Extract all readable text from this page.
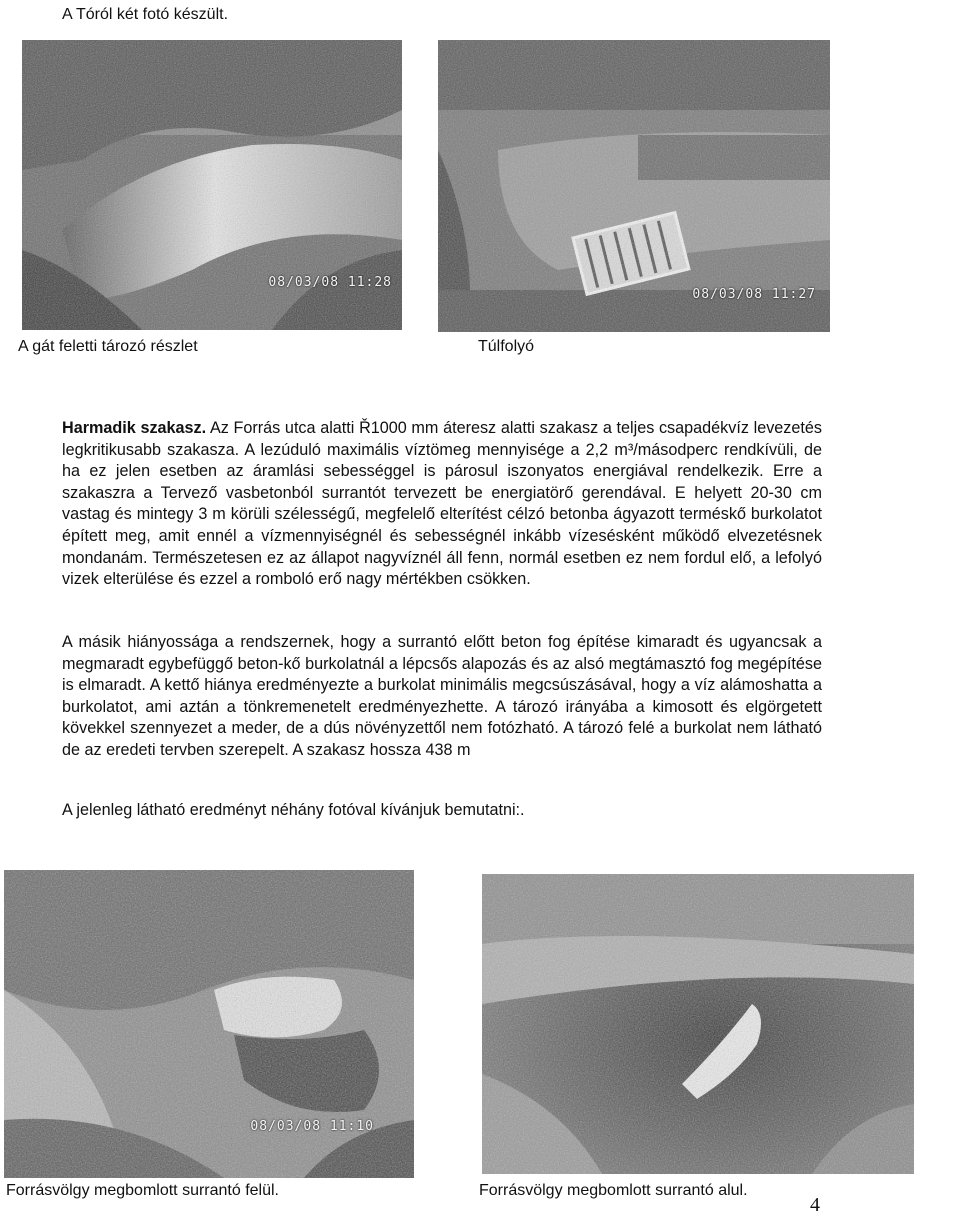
A Tóról két fotó készült.
08/03/08 11:28
08/03/08 11:27
A gát feletti tározó részlet	Túlfolyó
Harmadik szakasz. Az Forrás utca alatti Ř1000 mm áteresz alatti szakasz a teljes csapadékvíz levezetés legkritikusabb szakasza. A lezúduló maximális víztömeg mennyisége a 2,2 m³/másodperc rendkívüli, de ha ez jelen esetben az áramlási sebességgel is párosul iszonyatos energiával rendelkezik. Erre a szakaszra a Tervező vasbetonból surrantót tervezett be energiatörő gerendával. E helyett 20-30 cm vastag és mintegy 3 m körüli szélességű, megfelelő elterítést célzó betonba ágyazott terméskő burkolatot épített meg, amit ennél a vízmennyiségnél és sebességnél inkább vízesésként működő elvezetésnek mondanám. Természetesen ez az állapot nagyvíznél áll fenn, normál esetben ez nem fordul elő, a lefolyó vizek elterülése és ezzel a romboló erő nagy mértékben csökken.
A másik hiányossága a rendszernek, hogy a surrantó előtt beton fog építése kimaradt és ugyancsak a megmaradt egybefüggő beton-kő burkolatnál a lépcsős alapozás és az alsó megtámasztó fog megépítése is elmaradt. A kettő hiánya eredményezte a burkolat minimális megcsúszásával, hogy a víz alámoshatta a burkolatot, ami aztán a tönkremenetelt eredményezhette. A tározó irányába a kimosott és elgörgetett kövekkel szennyezet a meder, de a dús növényzettől nem fotózható. A tározó felé a burkolat nem látható de az eredeti tervben szerepelt. A szakasz hossza 438 m
A jelenleg látható eredményt néhány fotóval kívánjuk bemutatni:.
08/03/08 11:10
Forrásvölgy megbomlott surrantó felül.	Forrásvölgy megbomlott surrantó alul.
4
